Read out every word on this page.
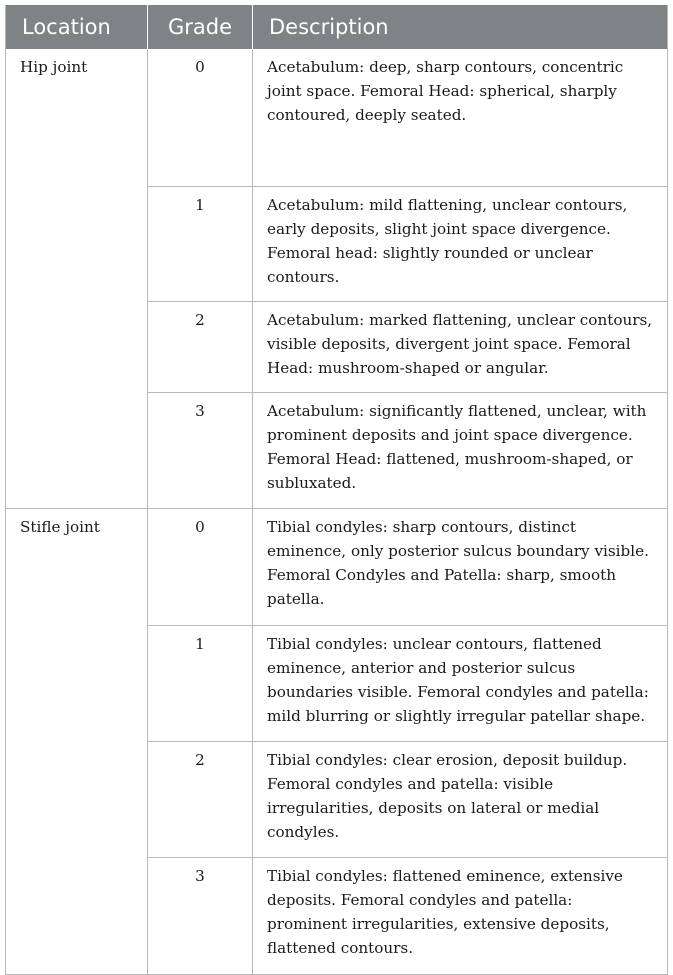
Location	Grade	Description
Hip joint	0	Acetabulum: deep, sharp contours, concentric joint space. Femoral Head: spherical, sharply contoured, deeply seated.
	1	Acetabulum: mild flattening, unclear contours, early deposits, slight joint space divergence. Femoral head: slightly rounded or unclear contours.
	2	Acetabulum: marked flattening, unclear contours, visible deposits, divergent joint space. Femoral Head: mushroom-shaped or angular.
	3	Acetabulum: significantly flattened, unclear, with prominent deposits and joint space divergence. Femoral Head: flattened, mushroom-shaped, or subluxated.
Stifle joint	0	Tibial condyles: sharp contours, distinct eminence, only posterior sulcus boundary visible. Femoral Condyles and Patella: sharp, smooth patella.
	1	Tibial condyles: unclear contours, flattened eminence, anterior and posterior sulcus boundaries visible. Femoral condyles and patella: mild blurring or slightly irregular patellar shape.
	2	Tibial condyles: clear erosion, deposit buildup. Femoral condyles and patella: visible irregularities, deposits on lateral or medial condyles.
	3	Tibial condyles: flattened eminence, extensive deposits. Femoral condyles and patella: prominent irregularities, extensive deposits, flattened contours.
